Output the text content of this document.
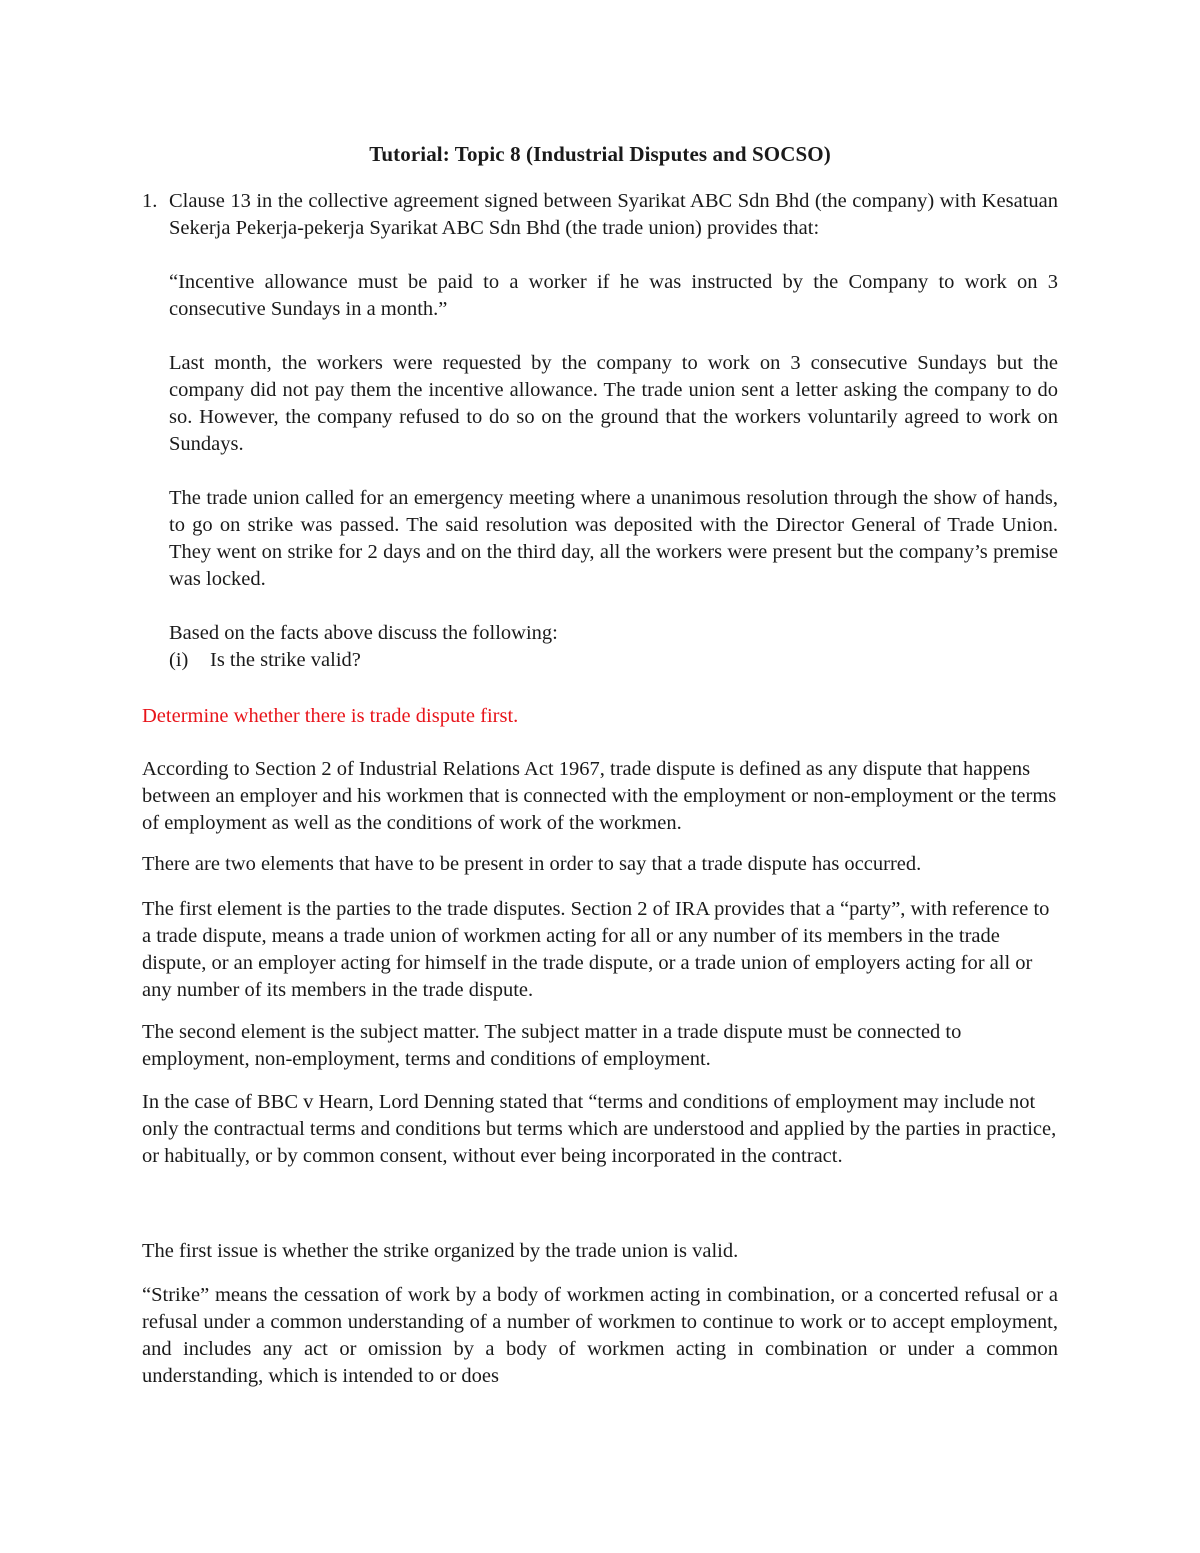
Tutorial: Topic 8 (Industrial Disputes and SOCSO)
1. Clause 13 in the collective agreement signed between Syarikat ABC Sdn Bhd (the company) with Kesatuan Sekerja Pekerja-pekerja Syarikat ABC Sdn Bhd (the trade union) provides that:

“Incentive allowance must be paid to a worker if he was instructed by the Company to work on 3 consecutive Sundays in a month.”

Last month, the workers were requested by the company to work on 3 consecutive Sundays but the company did not pay them the incentive allowance. The trade union sent a letter asking the company to do so. However, the company refused to do so on the ground that the workers voluntarily agreed to work on Sundays.

The trade union called for an emergency meeting where a unanimous resolution through the show of hands, to go on strike was passed. The said resolution was deposited with the Director General of Trade Union. They went on strike for 2 days and on the third day, all the workers were present but the company’s premise was locked.

Based on the facts above discuss the following:

(i) Is the strike valid?

Determine whether there is trade dispute first.

According to Section 2 of Industrial Relations Act 1967, trade dispute is defined as any dispute that happens between an employer and his workmen that is connected with the employment or non-employment or the terms of employment as well as the conditions of work of the workmen.

There are two elements that have to be present in order to say that a trade dispute has occurred.

The first element is the parties to the trade disputes. Section 2 of IRA provides that a “party”, with reference to a trade dispute, means a trade union of workmen acting for all or any number of its members in the trade dispute, or an employer acting for himself in the trade dispute, or a trade union of employers acting for all or any number of its members in the trade dispute.

The second element is the subject matter. The subject matter in a trade dispute must be connected to employment, non-employment, terms and conditions of employment.

In the case of BBC v Hearn, Lord Denning stated that “terms and conditions of employment may include not only the contractual terms and conditions but terms which are understood and applied by the parties in practice, or habitually, or by common consent, without ever being incorporated in the contract.

The first issue is whether the strike organized by the trade union is valid.

“Strike” means the cessation of work by a body of workmen acting in combination, or a concerted refusal or a refusal under a common understanding of a number of workmen to continue to work or to accept employment, and includes any act or omission by a body of workmen acting in combination or under a common understanding, which is intended to or does
